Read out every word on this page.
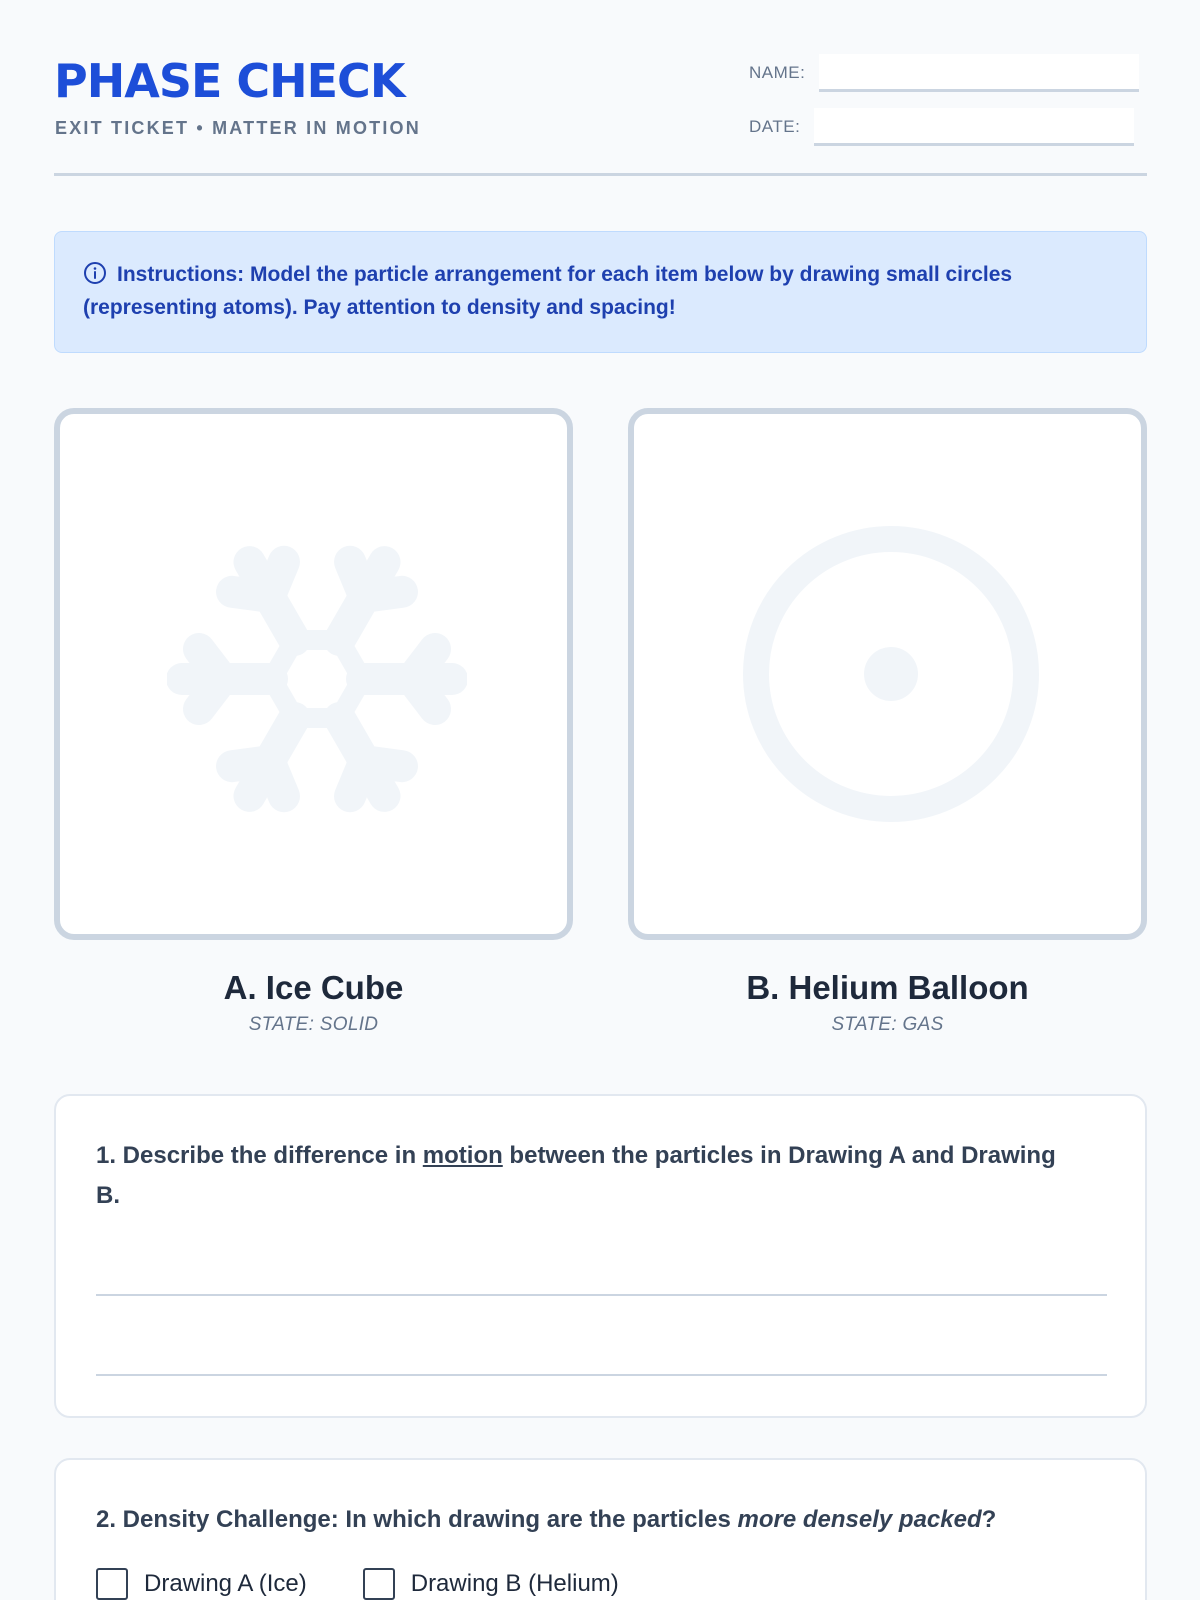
PHASE CHECK
EXIT TICKET • MATTER IN MOTION
NAME:
DATE:
Instructions: Model the particle arrangement for each item below by drawing small circles (representing atoms). Pay attention to density and spacing!
A. Ice Cube
STATE: SOLID
B. Helium Balloon
STATE: GAS
1. Describe the difference in motion between the particles in Drawing A and Drawing B.
2. Density Challenge: In which drawing are the particles more densely packed?
Drawing A (Ice)	Drawing B (Helium)
